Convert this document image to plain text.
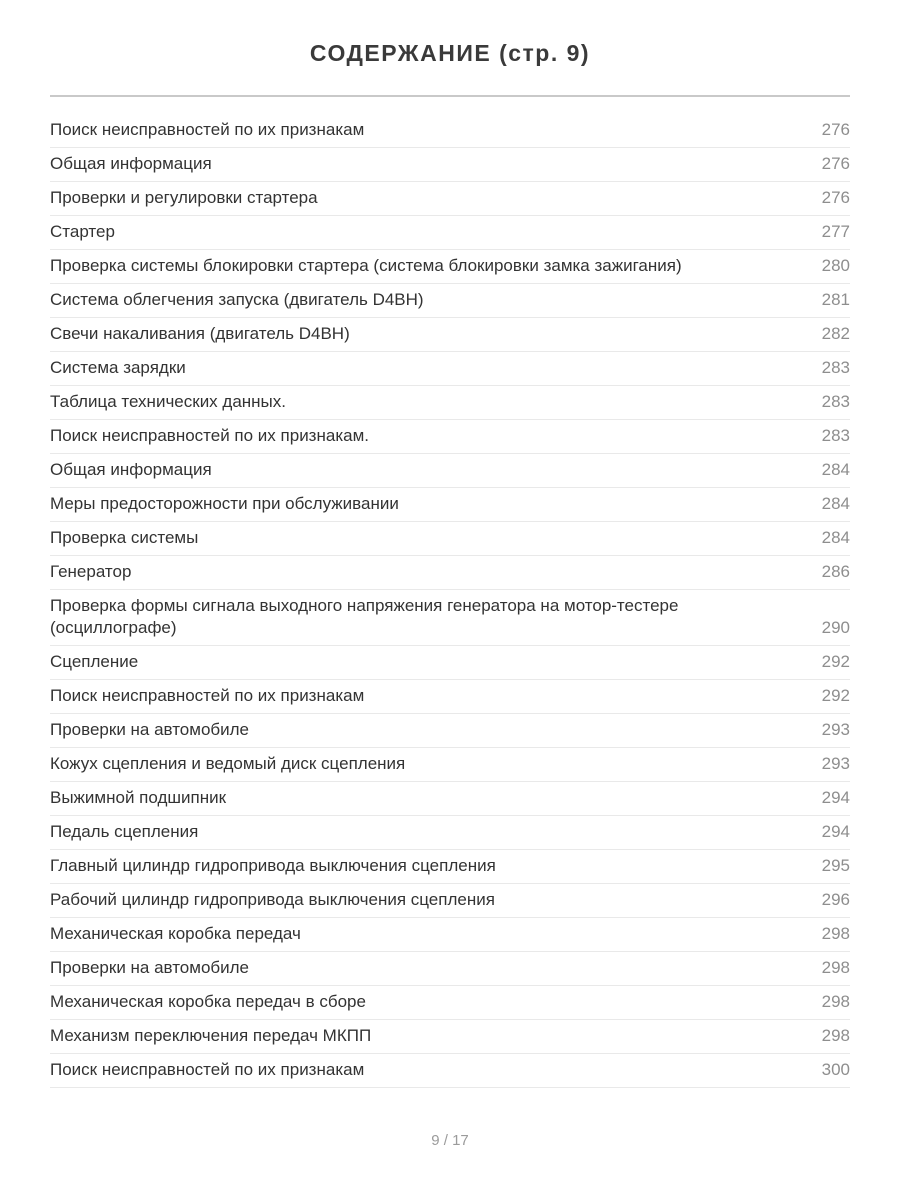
СОДЕРЖАНИЕ (стр. 9)
Поиск неисправностей по их признакам	276
Общая информация	276
Проверки и регулировки стартера	276
Стартер	277
Проверка системы блокировки стартера (система блокировки замка зажигания)	280
Система облегчения запуска (двигатель D4BH)	281
Свечи накаливания (двигатель D4BH)	282
Система зарядки	283
Таблица технических данных.	283
Поиск неисправностей по их признакам.	283
Общая информация	284
Меры предосторожности при обслуживании	284
Проверка системы	284
Генератор	286
Проверка формы сигнала выходного напряжения генератора на мотор-тестере (осциллографе)	290
Сцепление	292
Поиск неисправностей по их признакам	292
Проверки на автомобиле	293
Кожух сцепления и ведомый диск сцепления	293
Выжимной подшипник	294
Педаль сцепления	294
Главный цилиндр гидропривода выключения сцепления	295
Рабочий цилиндр гидропривода выключения сцепления	296
Механическая коробка передач	298
Проверки на автомобиле	298
Механическая коробка передач в сборе	298
Механизм переключения передач МКПП	298
Поиск неисправностей по их признакам	300
9 / 17
